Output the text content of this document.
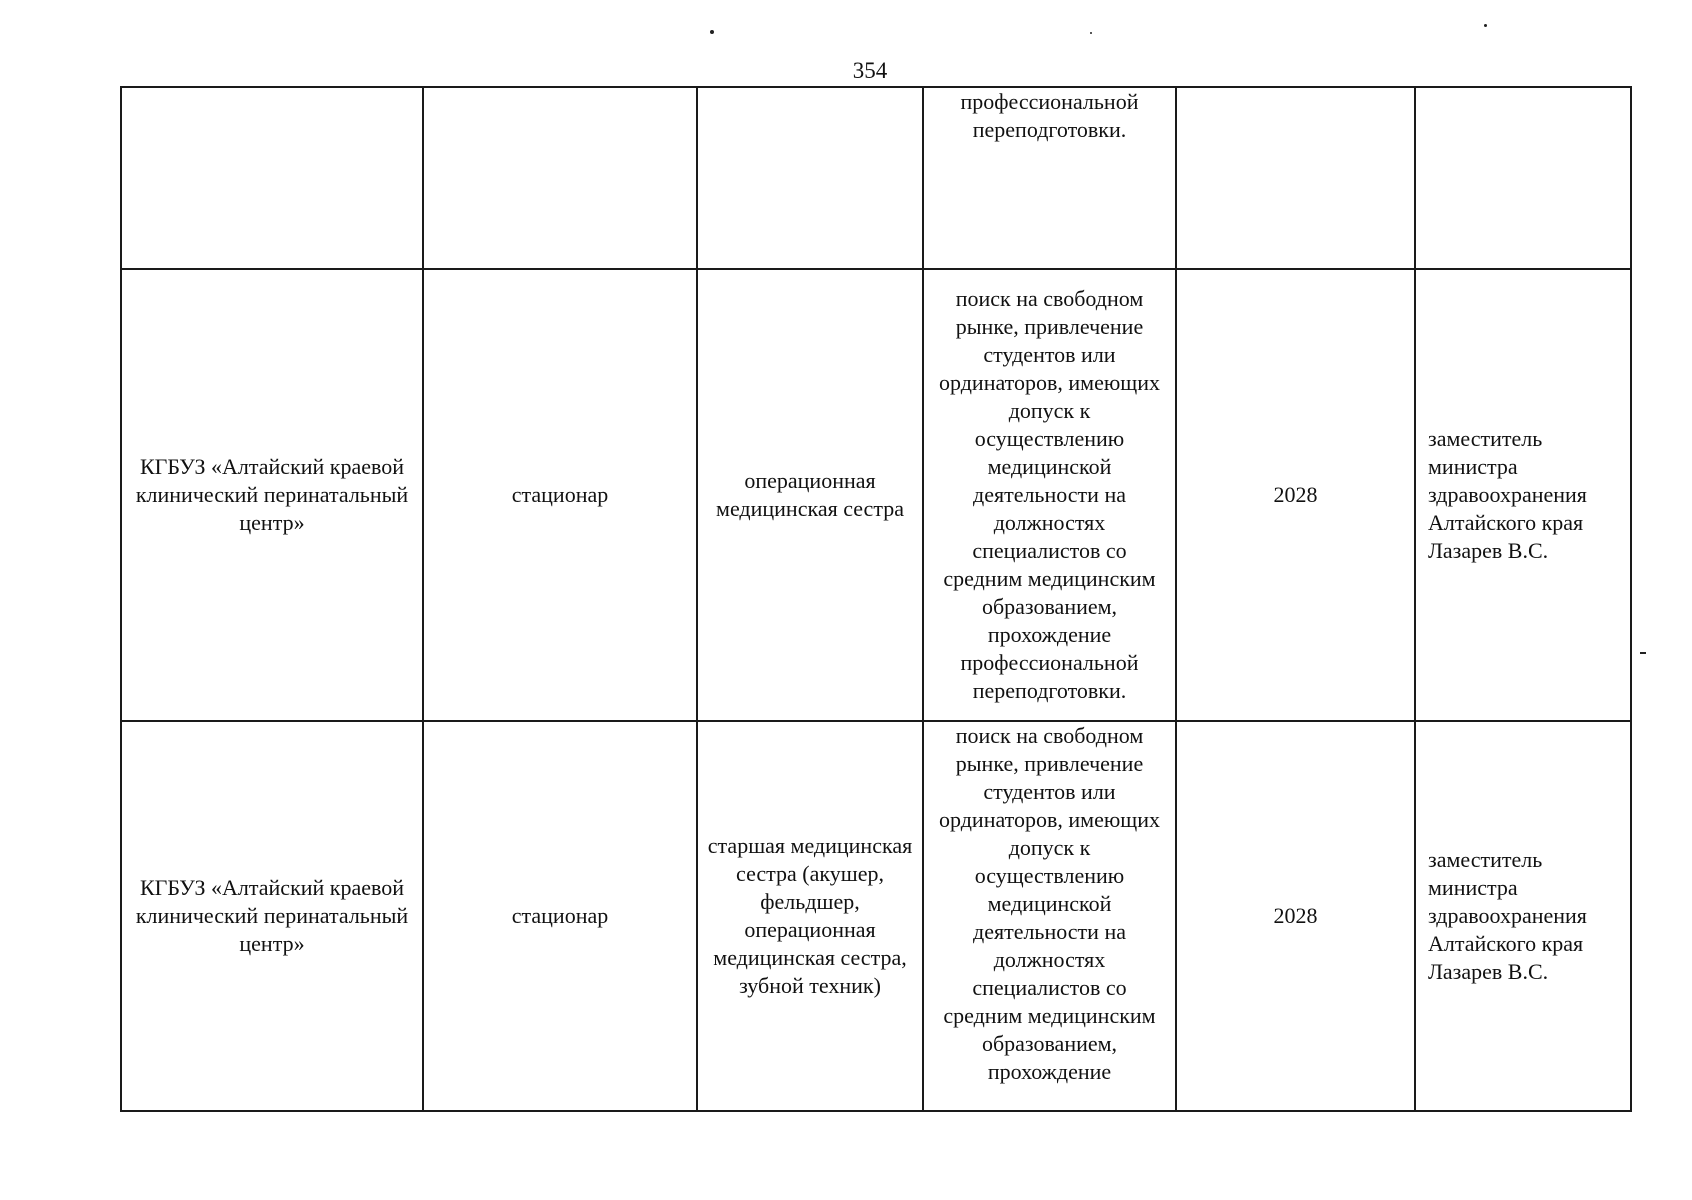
354

			профессиональной переподготовки.		

КГБУЗ «Алтайский краевой клинический перинатальный центр»	стационар	операционная медицинская сестра	поиск на свободном рынке, привлечение студентов или ординаторов, имеющих допуск к осуществлению медицинской деятельности на должностях специалистов со средним медицинским образованием, прохождение профессиональной переподготовки.	2028	заместитель министра здравоохранения Алтайского края Лазарев В.С.

КГБУЗ «Алтайский краевой клинический перинатальный центр»	стационар	старшая медицинская сестра (акушер, фельдшер, операционная медицинская сестра, зубной техник)	поиск на свободном рынке, привлечение студентов или ординаторов, имеющих допуск к осуществлению медицинской деятельности на должностях специалистов со средним медицинским образованием, прохождение	2028	заместитель министра здравоохранения Алтайского края Лазарев В.С.
